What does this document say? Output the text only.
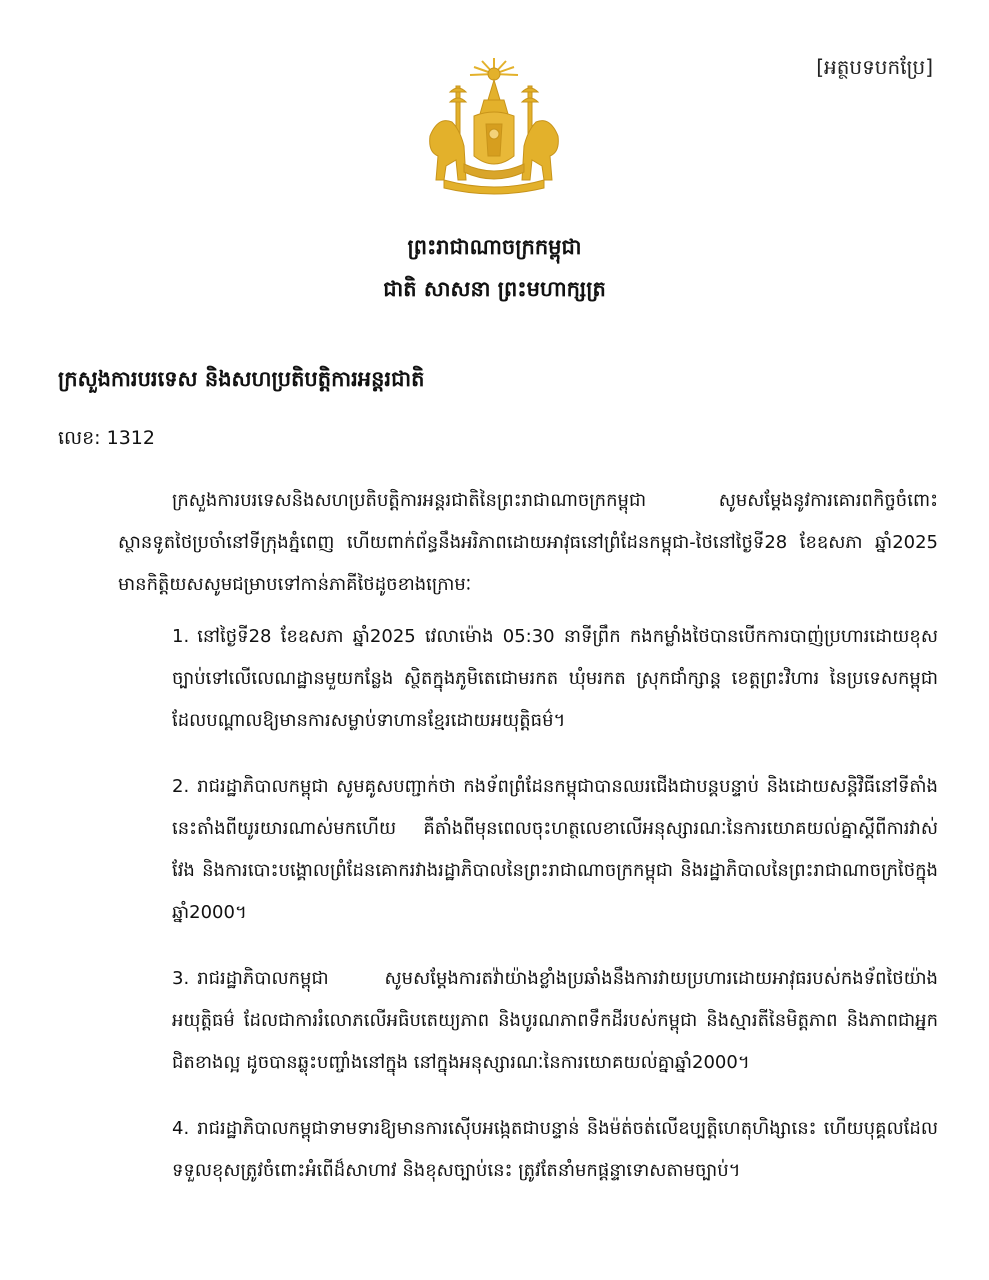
[អត្ថបទបកប្រែ]
ព្រះរាជាណាចក្រកម្ពុជា
ជាតិ សាសនា ព្រះមហាក្សត្រ
ក្រសួងការបរទេស និងសហប្រតិបត្តិការអន្តរជាតិ
លេខ: 1312

ក្រសួងការបរទេសនិងសហប្រតិបត្តិការអន្តរជាតិនៃព្រះរាជាណាចក្រកម្ពុជា សូមសម្តែងនូវការគោរពកិច្ចចំពោះស្ថានទូតថៃប្រចាំនៅទីក្រុងភ្នំពេញ ហើយពាក់ព័ន្ធនឹងអរិភាពដោយអាវុធនៅព្រំដែនកម្ពុជា-ថៃនៅថ្ងៃទី28 ខែឧសភា ឆ្នាំ2025 មានកិត្តិយសសូមជម្រាបទៅកាន់ភាគីថៃដូចខាងក្រោមៈ

1. នៅថ្ងៃទី28 ខែឧសភា ឆ្នាំ2025 វេលាម៉ោង 05:30 នាទីព្រឹក កងកម្លាំងថៃបានបើកការបាញ់ប្រហារដោយខុសច្បាប់ទៅលើលេណដ្ឋានមួយកន្លែង ស្ថិតក្នុងភូមិតេជោមរកត ឃុំមរកត ស្រុកជាំក្សាន្ត ខេត្តព្រះវិហារ នៃប្រទេសកម្ពុជា ដែលបណ្តាលឱ្យមានការសម្លាប់ទាហានខ្មែរដោយអយុត្តិធម៌។
2. រាជរដ្ឋាភិបាលកម្ពុជា សូមគូសបញ្ជាក់ថា កងទ័ពព្រំដែនកម្ពុជាបានឈរជើងជាបន្តបន្ទាប់ និងដោយសន្តិវិធីនៅទីតាំងនេះតាំងពីយូរយារណាស់មកហើយ គឺតាំងពីមុនពេលចុះហត្ថលេខាលើអនុស្សារណៈនៃការយោគយល់គ្នាស្តីពីការវាស់វែង និងការបោះបង្គោលព្រំដែនគោករវាងរដ្ឋាភិបាលនៃព្រះរាជាណាចក្រកម្ពុជា និងរដ្ឋាភិបាលនៃព្រះរាជាណាចក្រថៃក្នុងឆ្នាំ2000។
3. រាជរដ្ឋាភិបាលកម្ពុជា សូមសម្តែងការតវ៉ាយ៉ាងខ្លាំងប្រឆាំងនឹងការវាយប្រហារដោយអាវុធរបស់កងទ័ពថៃយ៉ាងអយុត្តិធម៌ ដែលជាការរំលោភលើអធិបតេយ្យភាព និងបូរណភាពទឹកដីរបស់កម្ពុជា និងស្មារតីនៃមិត្តភាព និងភាពជាអ្នកជិតខាងល្អ ដូចបានឆ្លុះបញ្ចាំងនៅក្នុង នៅក្នុងអនុស្សារណៈនៃការយោគយល់គ្នាឆ្នាំ2000។
4. រាជរដ្ឋាភិបាលកម្ពុជាទាមទារឱ្យមានការស៊ើបអង្កេតជាបន្ទាន់ និងម៉ត់ចត់លើឧប្បត្តិហេតុហិង្សានេះ ហើយបុគ្គលដែលទទួលខុសត្រូវចំពោះអំពើដ៏សាហាវ និងខុសច្បាប់នេះ ត្រូវតែនាំមកផ្តន្ទាទោសតាមច្បាប់។
